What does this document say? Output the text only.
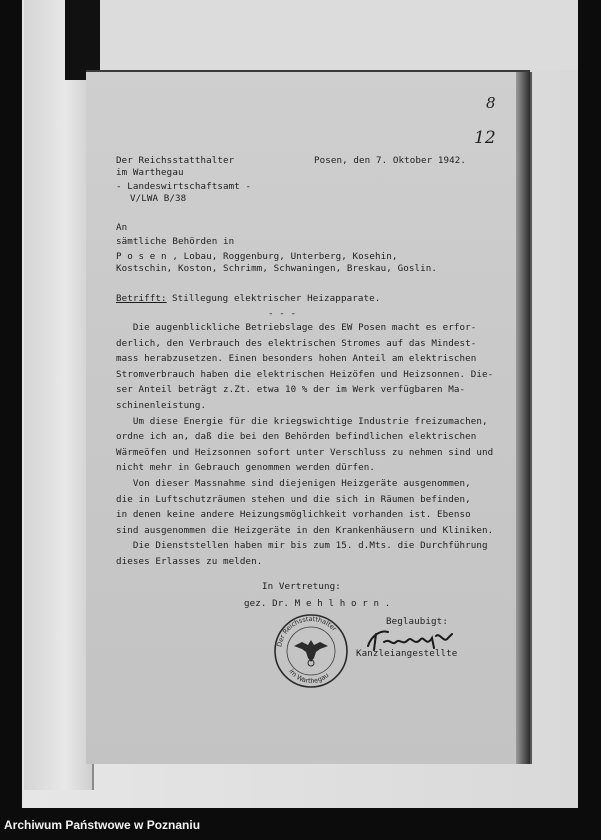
Der Reichsstatthalter
im Warthegau
- Landeswirtschaftsamt -
V/LWA B/38
Posen, den 7. Oktober 1942.
12
8
An
sämtliche Behörden in
P o s e n , Lobau, Roggenburg, Unterberg, Kosehin,
Kostschin, Koston, Schrimm, Schwaningen, Breskau, Goslin.
Betrifft: Stillegung elektrischer Heizapparate.
- - -
Die augenblickliche Betriebslage des EW Posen macht es erfor-
derlich, den Verbrauch des elektrischen Stromes auf das Mindest-
mass herabzusetzen. Einen besonders hohen Anteil am elektrischen
Stromverbrauch haben die elektrischen Heizöfen und Heizsonnen. Die-
ser Anteil beträgt z.Zt. etwa 10 % der im Werk verfügbaren Ma-
schinenleistung.
Um diese Energie für die kriegswichtige Industrie freizumachen,
ordne ich an, daß die bei den Behörden befindlichen elektrischen
Wärmeöfen und Heizsonnen sofort unter Verschluss zu nehmen sind und
nicht mehr in Gebrauch genommen werden dürfen.
Von dieser Massnahme sind diejenigen Heizgeräte ausgenommen,
die in Luftschutzräumen stehen und die sich in Räumen befinden,
in denen keine andere Heizungsmöglichkeit vorhanden ist. Ebenso
sind ausgenommen die Heizgeräte in den Krankenhäusern und Kliniken.
Die Dienststellen haben mir bis zum 15. d.Mts. die Durchführung
dieses Erlasses zu melden.
In Vertretung:
gez. Dr. M e h l h o r n .
Beglaubigt:
Kanzleiangestellte
Der Reichsstatthalter
im Warthegau
Archiwum Państwowe w Poznaniu
